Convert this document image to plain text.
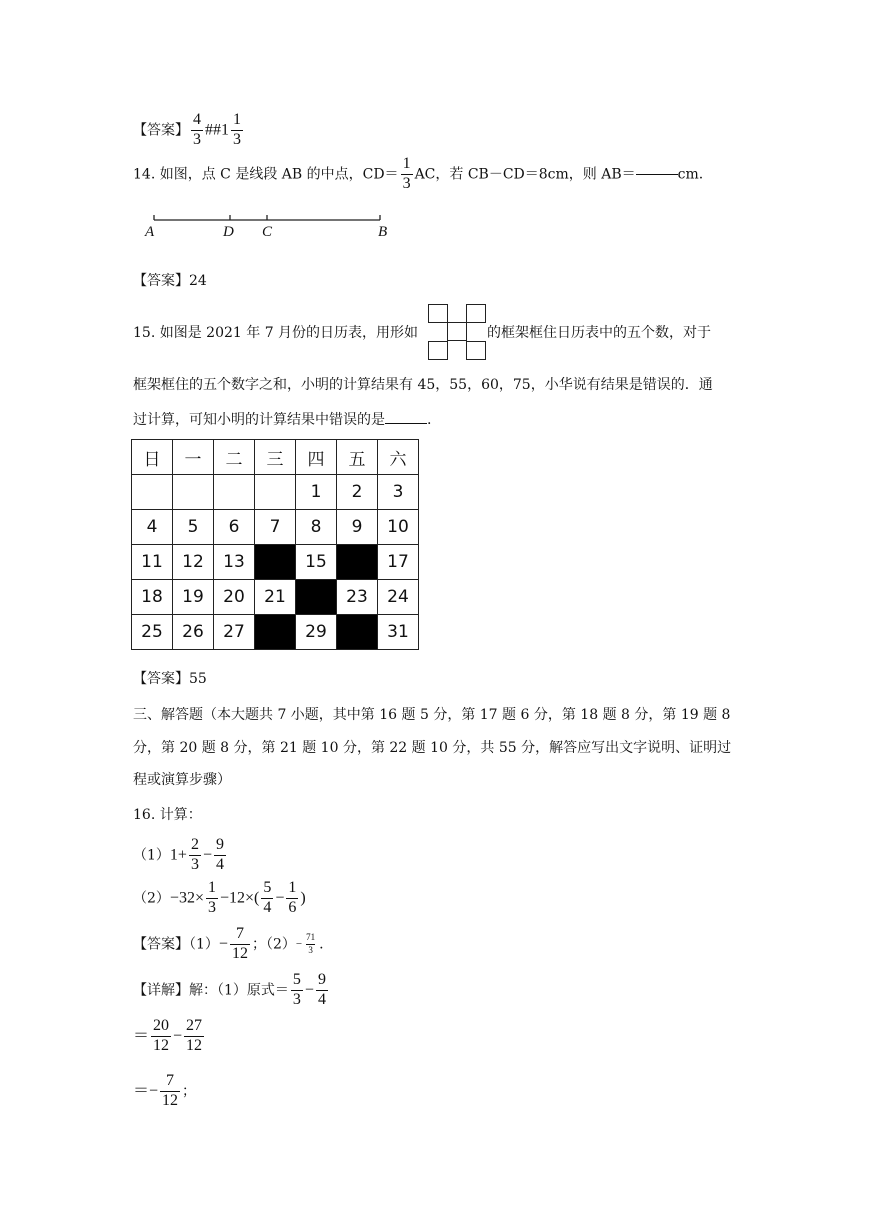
【答案】 $\frac{4}{3}$ ##1 $\frac{1}{3}$
14. 如图，点 C 是线段 AB 的中点，$CD= \frac{1}{3}$ AC，若 CB－CD＝8cm，则 AB＝	cm.
A	D C	B
【答案】24
15. 如图是 2021 年 7 月份的日历表，用形如	的框架框住日历表中的五个数，对于
框架框住的五个数字之和，小明的计算结果有 45，55，60，75，小华说有结果是错误的．通
过计算，可知小明的计算结果中错误的是	.
日	一	二	三	四	五	六
				1	2	3
4	5	6	7	8	9	10
11	12	13		15		17
18	19	20	21		23	24
25	26	27		29		31
【答案】55
三、解答题（本大题共 7 小题，其中第 16 题 5 分，第 17 题 6 分，第 18 题 8 分，第 19 题 8
分，第 20 题 8 分，第 21 题 10 分，第 22 题 10 分，共 55 分，解答应写出文字说明、证明过
程或演算步骤）
16. 计算：
$(1)1+ \frac{2}{3} - \frac{9}{4}$
$(2)-32\times \frac{1}{3} -12\times( \frac{5}{4} - \frac{1}{6}$ )
【答案】$(1)- \frac{7}{12}$ ；$(2)- \frac{71}{3}$ .
【详解】解：（1）原式＝ $\frac{5}{3} - \frac{9}{4}$
＝ $\frac{20}{12} - \frac{27}{12}$
＝− $\frac{7}{12}$ ；
